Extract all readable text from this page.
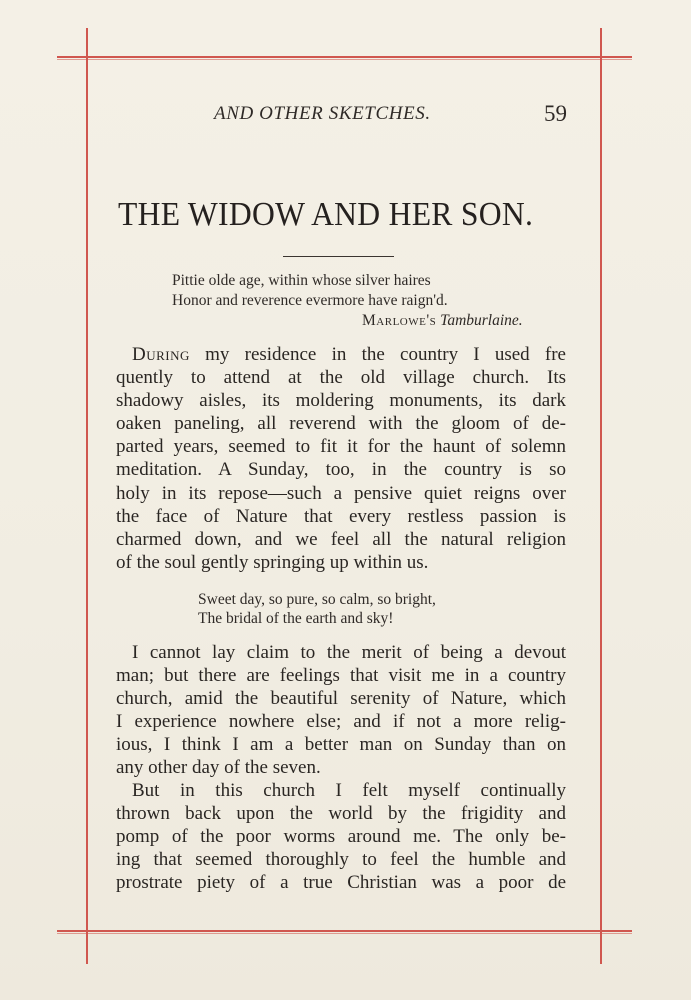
AND OTHER SKETCHES.	59
THE WIDOW AND HER SON.
Pittie olde age, within whose silver haires
Honor and reverence evermore have raign'd.
Marlowe's Tamburlaine.
During my residence in the country I used fre
quently to attend at the old village church. Its
shadowy aisles, its moldering monuments, its dark
oaken paneling, all reverend with the gloom of de-
parted years, seemed to fit it for the haunt of solemn
meditation. A Sunday, too, in the country is so
holy in its repose—such a pensive quiet reigns over
the face of Nature that every restless passion is
charmed down, and we feel all the natural religion
of the soul gently springing up within us.
Sweet day, so pure, so calm, so bright,
The bridal of the earth and sky!
I cannot lay claim to the merit of being a devout
man; but there are feelings that visit me in a country
church, amid the beautiful serenity of Nature, which
I experience nowhere else; and if not a more relig-
ious, I think I am a better man on Sunday than on
any other day of the seven.
But in this church I felt myself continually
thrown back upon the world by the frigidity and
pomp of the poor worms around me. The only be-
ing that seemed thoroughly to feel the humble and
prostrate piety of a true Christian was a poor de
